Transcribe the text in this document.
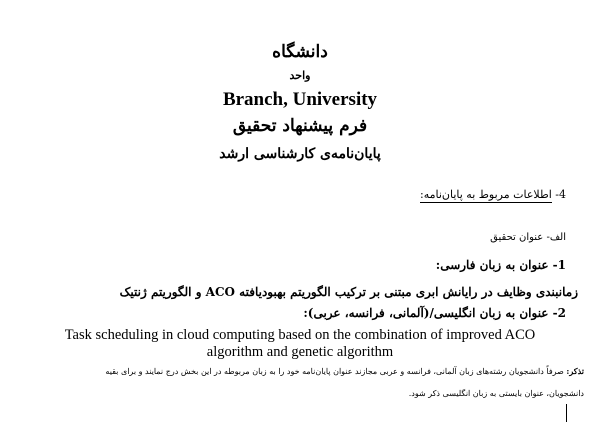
دانشگاه
واحد
Branch, University
فرم پیشنهاد تحقیق
پایان‌نامه‌ی کارشناسی ارشد
4- اطلاعات مربوط به پایان‌نامه:
الف- عنوان تحقیق
1- عنوان به زبان فارسی:
زمانبندی وظایف در رایانش ابری مبتنی بر ترکیب الگوریتم بهبودیافته ACO و الگوریتم ژنتیک
2- عنوان به زبان انگلیسی/(آلمانی، فرانسه، عربی):
Task scheduling in cloud computing based on the combination of improved ACO
algorithm and genetic algorithm
تذکر: صرفاً دانشجویان رشته‌های زبان آلمانی، فرانسه و عربی مجازند عنوان پایان‌نامه خود را به زبان مربوطه در این بخش درج نمایند و برای بقیه
دانشجویان، عنوان بایستی به زبان انگلیسی ذکر شود.
